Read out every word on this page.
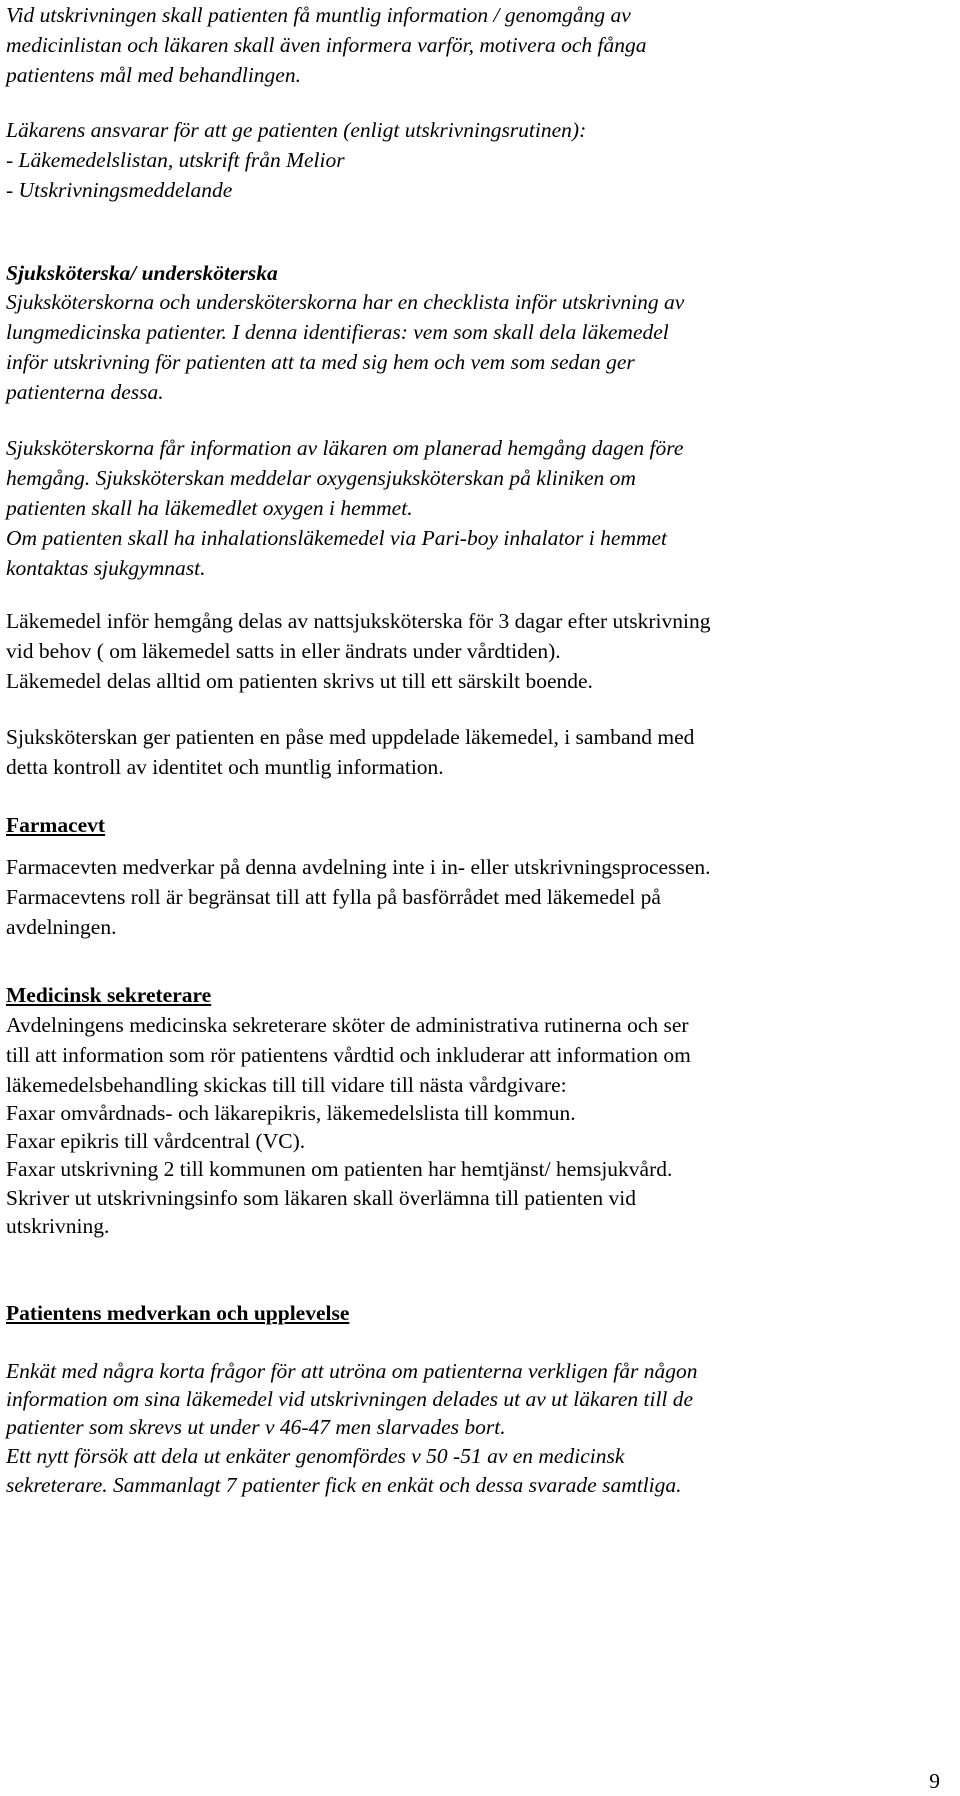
Vid utskrivningen skall patienten få muntlig information / genomgång av
medicinlistan och läkaren skall även informera varför, motivera och fånga
patientens mål med behandlingen.
Läkarens ansvarar för att ge patienten (enligt utskrivningsrutinen):
- Läkemedelslistan, utskrift från Melior
- Utskrivningsmeddelande
Sjuksköterska/ undersköterska
Sjuksköterskorna och undersköterskorna har en checklista inför utskrivning av
lungmedicinska patienter. I denna identifieras: vem som skall dela läkemedel
inför utskrivning för patienten att ta med sig hem och vem som sedan ger
patienterna dessa.
Sjuksköterskorna får information av läkaren om planerad hemgång dagen före
hemgång. Sjuksköterskan meddelar oxygensjuksköterskan på kliniken om
patienten skall ha läkemedlet oxygen i hemmet.
Om patienten skall ha inhalationsläkemedel via Pari-boy inhalator i hemmet
kontaktas sjukgymnast.
Läkemedel inför hemgång delas av nattsjuksköterska för 3 dagar efter utskrivning
vid behov ( om läkemedel satts in eller ändrats under vårdtiden).
Läkemedel delas alltid om patienten skrivs ut till ett särskilt boende.
Sjuksköterskan ger patienten en påse med uppdelade läkemedel, i samband med
detta kontroll av identitet och muntlig information.
Farmacevt
Farmacevten medverkar på denna avdelning inte i in- eller utskrivningsprocessen.
Farmacevtens roll är begränsat till att fylla på basförrådet med läkemedel på
avdelningen.
Medicinsk sekreterare
Avdelningens medicinska sekreterare sköter de administrativa rutinerna och ser
till att information som rör patientens vårdtid och inkluderar att information om
läkemedelsbehandling skickas till till vidare till nästa vårdgivare:
Faxar omvårdnads- och läkarepikris, läkemedelslista till kommun.
Faxar epikris till vårdcentral (VC).
Faxar utskrivning 2 till kommunen om patienten har hemtjänst/ hemsjukvård.
Skriver ut utskrivningsinfo som läkaren skall överlämna till patienten vid
utskrivning.
Patientens medverkan och upplevelse
Enkät med några korta frågor för att utröna om patienterna verkligen får någon
information om sina läkemedel vid utskrivningen delades ut av ut läkaren till de
patienter som skrevs ut under v 46-47 men slarvades bort.
Ett nytt försök att dela ut enkäter genomfördes v 50 -51 av en medicinsk
sekreterare. Sammanlagt 7 patienter fick en enkät och dessa svarade samtliga.
9
